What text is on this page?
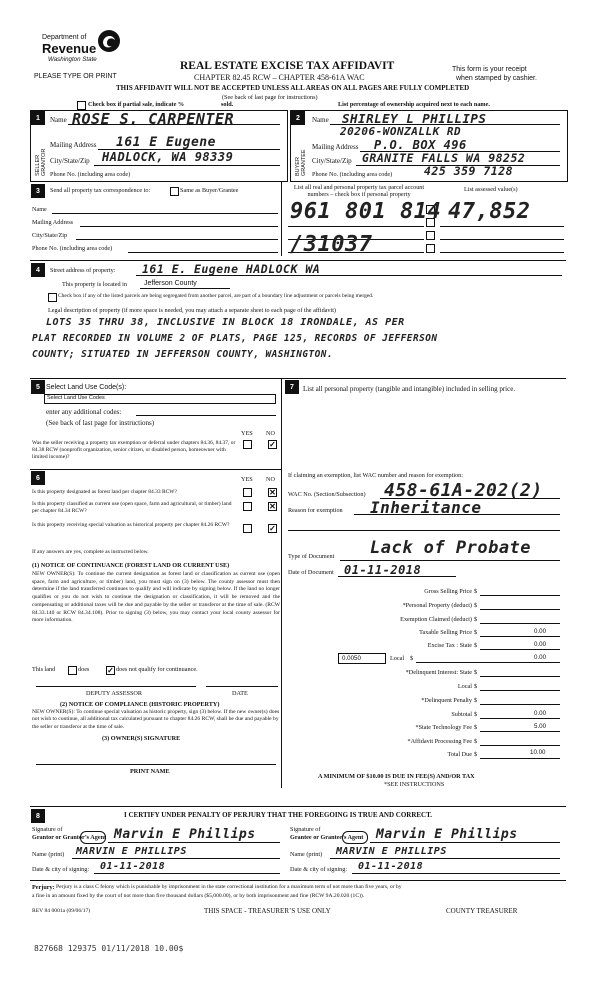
Department of
Revenue
Washington State
PLEASE TYPE OR PRINT
REAL ESTATE EXCISE TAX AFFIDAVIT
CHAPTER 82.45 RCW – CHAPTER 458-61A WAC
THIS AFFIDAVIT WILL NOT BE ACCEPTED UNLESS ALL AREAS ON ALL PAGES ARE FULLY COMPLETED
(See back of last page for instructions)
This form is your receipt
when stamped by cashier.
Check box if partial sale, indicate %	sold.	List percentage of ownership acquired next to each name.
1
SELLER GRANTOR
Name ROSE S. CARPENTER
Mailing Address 161 E Eugene
City/State/Zip HADLOCK, WA 98339
Phone No. (including area code)
2
BUYER GRANTEE
Name SHIRLEY L PHILLIPS
20206-WONZALLK RD
Mailing Address P.O. BOX 496
City/State/Zip GRANITE FALLS WA 98252
Phone No. (including area code)	425 359 7128
3	Send all property tax correspondence to:	Same as Buyer/Grantee
Name
Mailing Address
City/State/Zip
Phone No. (including area code)
List all real and personal property tax parcel account numbers – check box if personal property
List assessed value(s)
961 801 814
/31037
47,852
4	Street address of property: 161 E. Eugene HADLOCK WA
This property is located in Jefferson County
Check box if any of the listed parcels are being segregated from another parcel, are part of a boundary line adjustment or parcels being merged.
Legal description of property (if more space is needed, you may attach a separate sheet to each page of the affidavit)
LOTS 35 THRU 38, INCLUSIVE IN BLOCK 18 IRONDALE, AS PER
PLAT RECORDED IN VOLUME 2 OF PLATS, PAGE 125, RECORDS OF JEFFERSON
COUNTY; SITUATED IN JEFFERSON COUNTY, WASHINGTON.
5 Select Land Use Code(s):
Select Land Use Codes
enter any additional codes:
(See back of last page for instructions)
YES NO
Was the seller receiving a property tax exemption or deferral under chapters 84.36, 84.37, or 84.38 RCW (nonprofit organization, senior citizen, or disabled person, homeowner with limited income)?
✓
7	List all personal property (tangible and intangible) included in selling price.
6	YES NO
Is this property designated as forest land per chapter 84.33 RCW?	✕
Is this property classified as current use (open space, farm and agricultural, or timber) land per chapter 84.34 RCW?	✕
Is this property receiving special valuation as historical property per chapter 84.26 RCW?	✓
If any answers are yes, complete as instructed below.
(1) NOTICE OF CONTINUANCE (FOREST LAND OR CURRENT USE)
NEW OWNER(S): To continue the current designation as forest land or classification as current use (open space, farm and agriculture, or timber) land, you must sign on (3) below. The county assessor must then determine if the land transferred continues to qualify and will indicate by signing below. If the land no longer qualifies or you do not wish to continue the designation or classification, it will be removed and the compensating or additional taxes will be due and payable by the seller or transferor at the time of sale. (RCW 84.33.140 or RCW 84.34.108). Prior to signing (3) below, you may contact your local county assessor for more information.
This land	does ✓ does not qualify for continuance.
DEPUTY ASSESSOR	DATE
(2) NOTICE OF COMPLIANCE (HISTORIC PROPERTY)
NEW OWNER(S): To continue special valuation as historic property, sign (3) below. If the new owner(s) does not wish to continue, all additional tax calculated pursuant to chapter 84.26 RCW, shall be due and payable by the seller or transferor at the time of sale.
(3) OWNER(S) SIGNATURE
PRINT NAME
If claiming an exemption, list WAC number and reason for exemption:
WAC No. (Section/Subsection) 458-61A-202(2)
Reason for exemption Inheritance
Type of Document Lack of Probate
Date of Document 01-11-2018
Gross Selling Price $
*Personal Property (deduct) $
Exemption Claimed (deduct) $
Taxable Selling Price $	0.00
Excise Tax : State $	0.00
0.0050	Local $	0.00
*Delinquent Interest: State $
Local $
*Delinquent Penalty $
Subtotal $	0.00
*State Technology Fee $	5.00
*Affidavit Processing Fee $
Total Due $	10.00
A MINIMUM OF $10.00 IS DUE IN FEE(S) AND/OR TAX
*SEE INSTRUCTIONS
8	I CERTIFY UNDER PENALTY OF PERJURY THAT THE FOREGOING IS TRUE AND CORRECT.
Signature of
Grantor or Grantor’s Agent Marvin E Phillips
Name (print) MARVIN E PHILLIPS
Date & city of signing: 01-11-2018
Signature of
Grantee or Grantee’s Agent Marvin E Phillips
Name (print) MARVIN E PHILLIPS
Date & city of signing: 01-11-2018
Perjury: Perjury is a class C felony which is punishable by imprisonment in the state correctional institution for a maximum term of not more than five years, or by
a fine in an amount fixed by the court of not more than five thousand dollars ($5,000.00), or by both imprisonment and fine (RCW 9A.20.020 (1C)).
REV 84 0001a (09/06/17)	THIS SPACE - TREASURER’S USE ONLY	COUNTY TREASURER
827668 129375 01/11/2018 10.00$
